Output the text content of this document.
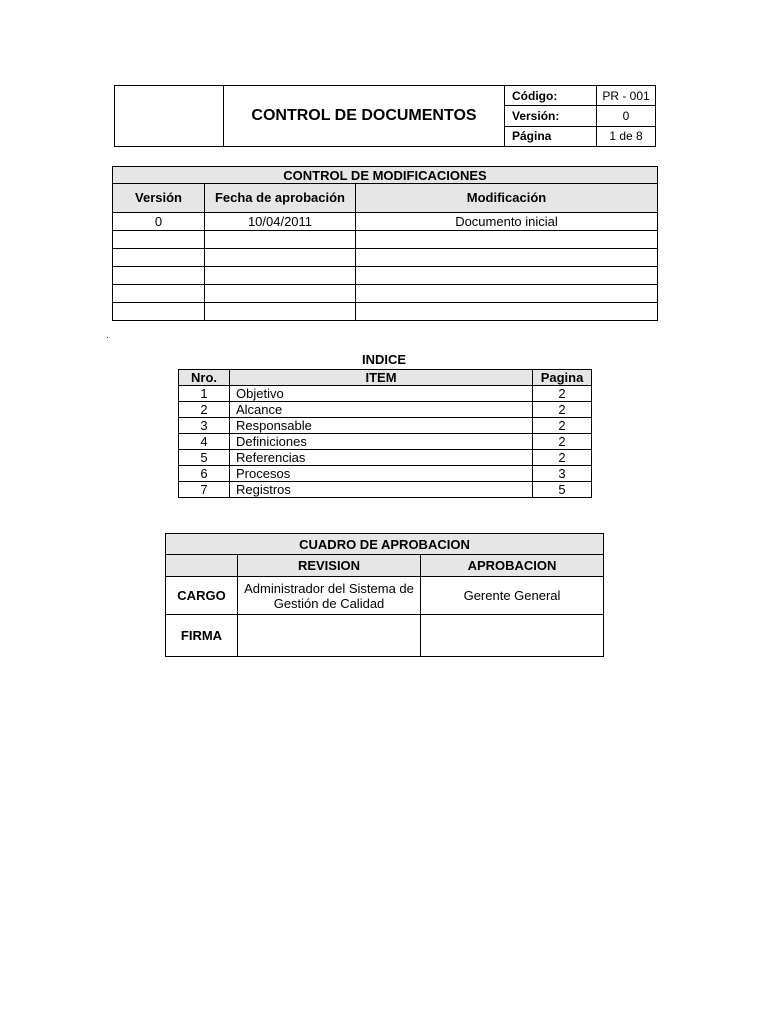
	CONTROL DE DOCUMENTOS	Código:	PR - 001
		Versión:	0
		Página	1 de 8
CONTROL DE MODIFICACIONES		
Versión	Fecha de aprobación	Modificación
0	10/04/2011	Documento inicial

.
INDICE
Nro.	ITEM	Pagina
1	Objetivo	2
2	Alcance	2
3	Responsable	2
4	Definiciones	2
5	Referencias	2
6	Procesos	3
7	Registros	5
CUADRO DE APROBACION		
	REVISION	APROBACION
CARGO	Administrador del Sistema de Gestión de Calidad	Gerente General
FIRMA		
